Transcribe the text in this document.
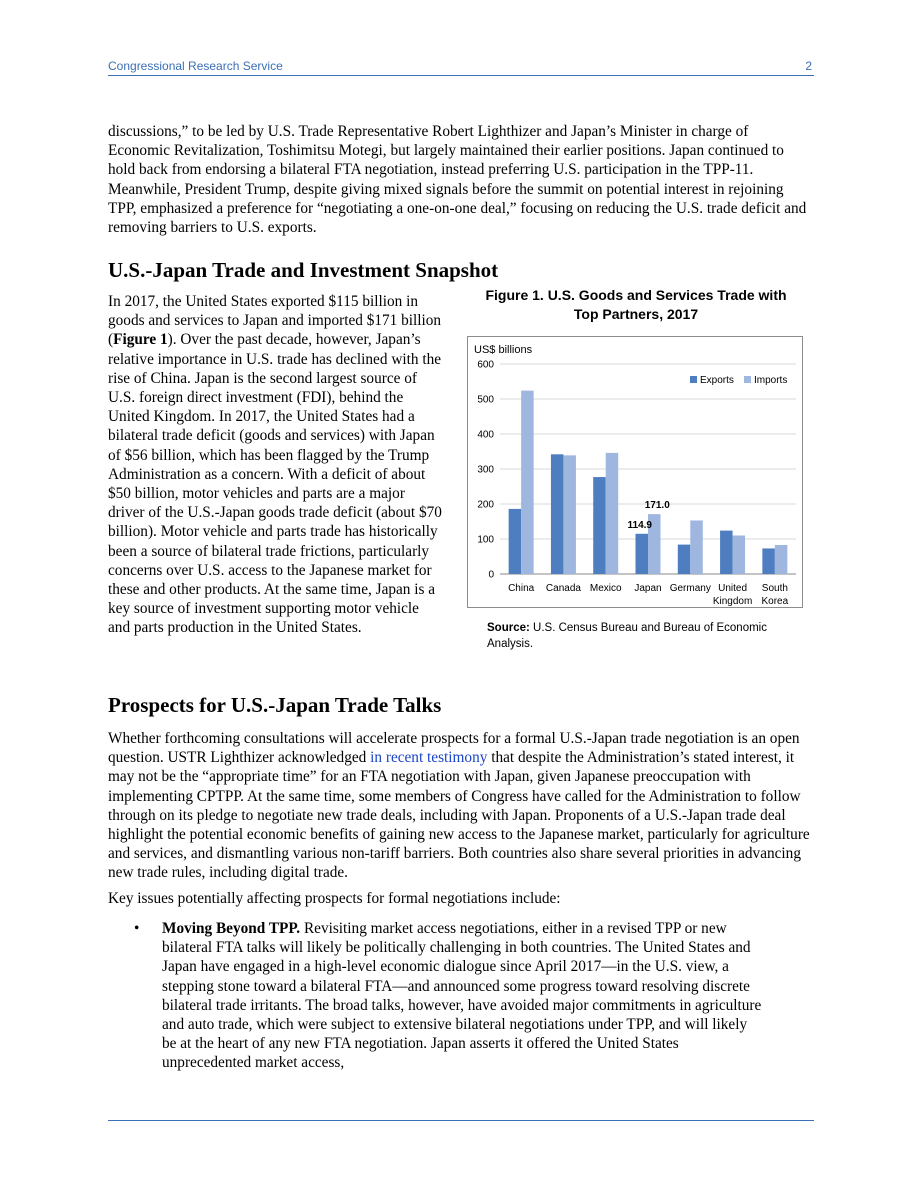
Congressional Research Service	2

discussions,” to be led by U.S. Trade Representative Robert Lighthizer and Japan’s Minister in charge of Economic Revitalization, Toshimitsu Motegi, but largely maintained their earlier positions. Japan continued to hold back from endorsing a bilateral FTA negotiation, instead preferring U.S. participation in the TPP-11. Meanwhile, President Trump, despite giving mixed signals before the summit on potential interest in rejoining TPP, emphasized a preference for “negotiating a one-on-one deal,” focusing on reducing the U.S. trade deficit and removing barriers to U.S. exports.

U.S.-Japan Trade and Investment Snapshot

In 2017, the United States exported $115 billion in goods and services to Japan and imported $171 billion (Figure 1). Over the past decade, however, Japan’s relative importance in U.S. trade has declined with the rise of China. Japan is the second largest source of U.S. foreign direct investment (FDI), behind the United Kingdom. In 2017, the United States had a bilateral trade deficit (goods and services) with Japan of $56 billion, which has been flagged by the Trump Administration as a concern. With a deficit of about $50 billion, motor vehicles and parts are a major driver of the U.S.-Japan goods trade deficit (about $70 billion). Motor vehicle and parts trade has historically been a source of bilateral trade frictions, particularly concerns over U.S. access to the Japanese market for these and other products. At the same time, Japan is a key source of investment supporting motor vehicle and parts production in the United States.

Figure 1. U.S. Goods and Services Trade with
Top Partners, 2017

0
100
200
300
400
500
600
China Canada Mexico Japan Germany United
Kingdom
South
Korea
114.9
171.0
US$ billions
Exports Imports
Source: U.S. Census Bureau and Bureau of Economic Analysis.
Prospects for U.S.-Japan Trade Talks

Whether forthcoming consultations will accelerate prospects for a formal U.S.-Japan trade negotiation is an open question. USTR Lighthizer acknowledged in recent testimony that despite the Administration’s stated interest, it may not be the “appropriate time” for an FTA negotiation with Japan, given Japanese preoccupation with implementing CPTPP. At the same time, some members of Congress have called for the Administration to follow through on its pledge to negotiate new trade deals, including with Japan. Proponents of a U.S.-Japan trade deal highlight the potential economic benefits of gaining new access to the Japanese market, particularly for agriculture and services, and dismantling various non-tariff barriers. Both countries also share several priorities in advancing new trade rules, including digital trade.

Key issues potentially affecting prospects for formal negotiations include:

• Moving Beyond TPP. Revisiting market access negotiations, either in a revised TPP or new bilateral FTA talks will likely be politically challenging in both countries. The United States and Japan have engaged in a high-level economic dialogue since April 2017—in the U.S. view, a stepping stone toward a bilateral FTA—and announced some progress toward resolving discrete bilateral trade irritants. The broad talks, however, have avoided major commitments in agriculture and auto trade, which were subject to extensive bilateral negotiations under TPP, and will likely be at the heart of any new FTA negotiation. Japan asserts it offered the United States unprecedented market access,
